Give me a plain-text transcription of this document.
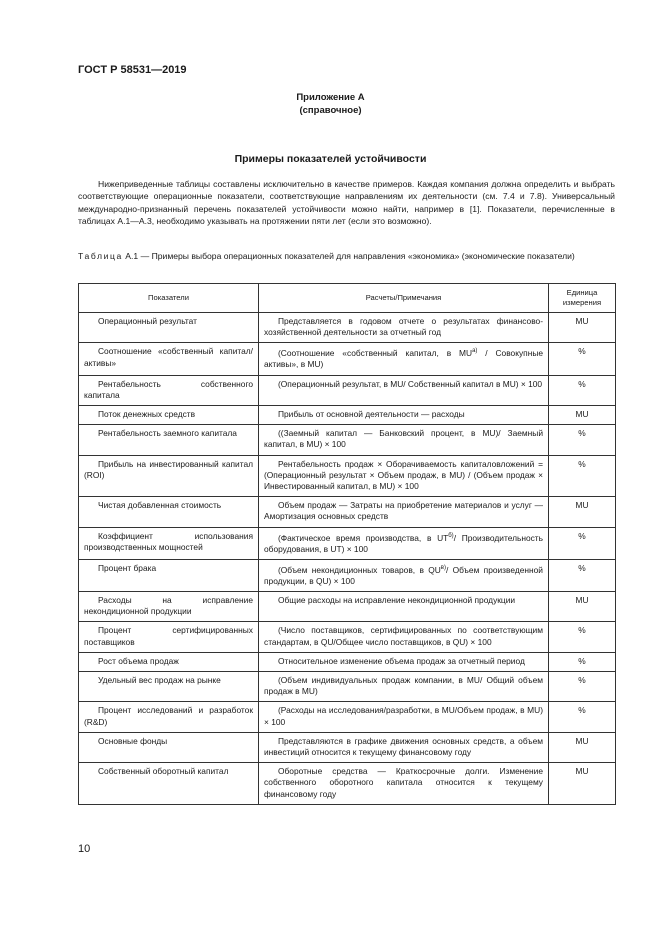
ГОСТ Р 58531—2019
Приложение А
(справочное)
Примеры показателей устойчивости

Нижеприведенные таблицы составлены исключительно в качестве примеров. Каждая компания должна определить и выбрать соответствующие операционные показатели, соответствующие направлениям их деятельности (см. 7.4 и 7.8). Универсальный международно-признанный перечень показателей устойчивости можно найти, например в [1]. Показатели, перечисленные в таблицах А.1—А.3, необходимо указывать на протяжении пяти лет (если это возможно).

Таблица А.1 — Примеры выбора операционных показателей для направления «экономика» (экономические показатели)
Показатели	Расчеты/Примечания	Единица измерения
Операционный результат	Представляется в годовом отчете о результатах финансово-хозяйственной деятельности за отчетный год	MU
Соотношение «собственный капитал/активы»	(Соотношение «собственный капитал, в $MU^{а)}$ / Совокупные активы», в MU)	%
Рентабельность собственного капитала	(Операционный результат, в MU/ Собственный капитал в MU) × 100	%
Поток денежных средств	Прибыль от основной деятельности — расходы	MU
Рентабельность заемного капитала	((Заемный капитал — Банковский процент, в MU)/ Заемный капитал, в MU) × 100	%
Прибыль на инвестированный капитал (ROI)	Рентабельность продаж × Оборачиваемость капиталовложений = (Операционный результат × Объем продаж, в MU) / (Объем продаж × Инвестированный капитал, в MU) × 100	%
Чистая добавленная стоимость	Объем продаж — Затраты на приобретение материалов и услуг — Амортизация основных средств	MU
Коэффициент использования производственных мощностей	(Фактическое время производства, в $UT^{б)}/$ Производительность оборудования, в UT) × 100	%
Процент брака	(Объем некондиционных товаров, в $QU^{в)}/$ Объем произведенной продукции, в QU) × 100	%
Расходы на исправление некондиционной продукции	Общие расходы на исправление некондиционной продукции	MU
Процент сертифицированных поставщиков	(Число поставщиков, сертифицированных по соответствующим стандартам, в QU/Общее число поставщиков, в QU) × 100	%
Рост объема продаж	Относительное изменение объема продаж за отчетный период	%
Удельный вес продаж на рынке	(Объем индивидуальных продаж компании, в MU/ Общий объем продаж в MU)	%
Процент исследований и разработок (R&D)	(Расходы на исследования/разработки, в MU/Объем продаж, в MU) × 100	%
Основные фонды	Представляются в графике движения основных средств, а объем инвестиций относится к текущему финансовому году	MU
Собственный оборотный капитал	Оборотные средства — Краткосрочные долги. Изменение собственного оборотного капитала относится к текущему финансовому году	MU
10
